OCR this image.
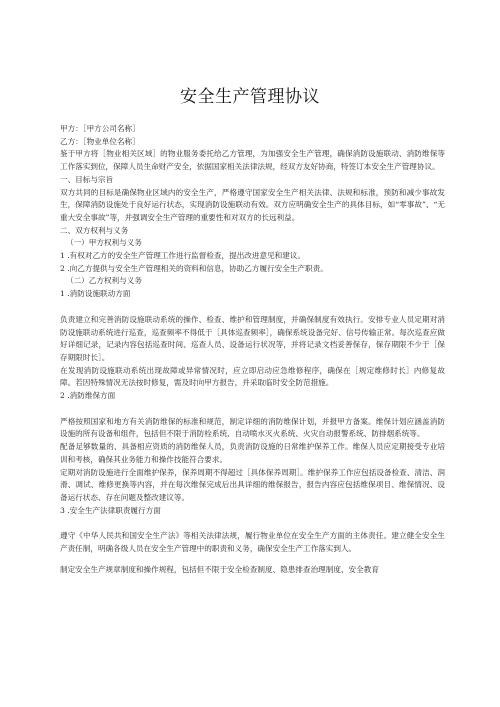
安全生产管理协议

甲方：［甲方公司名称］

乙方：［物业单位名称］

鉴于甲方将［物业相关区域］的物业服务委托给乙方管理，为加强安全生产管理，确保消防设施联动、消防维保等工作落实到位，保障人员生命财产安全，依据国家相关法律法规，经双方友好协商，特签订本安全生产管理协议。

一、目标与宗旨

双方共同的目标是确保物业区域内的安全生产，严格遵守国家安全生产相关法律、法规和标准，预防和减少事故发生，保障消防设施处于良好运行状态，实现消防设施联动有效。双方应明确安全生产的具体目标，如“零事故”、“无重大安全事故”等，并强调安全生产管理的重要性和对双方的长远利益。

二、双方权利与义务

（一）甲方权利与义务

1 .有权对乙方的安全生产管理工作进行监督检查，提出改进意见和建议。

2 .向乙方提供与安全生产管理相关的资料和信息，协助乙方履行安全生产职责。

（二）乙方权利与义务

1 .消防设施联动方面

负责建立和完善消防设施联动系统的操作、检查、维护和管理制度，并确保制度有效执行。安排专业人员定期对消防设施联动系统进行巡查，巡查频率不得低于［具体巡查频率］，确保系统设备完好、信号传输正常。每次巡查应做好详细记录，记录内容包括巡查时间、巡查人员、设备运行状况等，并将记录文档妥善保存，保存期限不少于［保存期限时长］。

在发现消防设施联动系统出现故障或异常情况时，应立即启动应急维修程序，确保在［规定维修时长］内修复故障。若因特殊情况无法按时修复，需及时向甲方报告，并采取临时安全防范措施。

2 .消防维保方面

严格按照国家和地方有关消防维保的标准和规范，制定详细的消防维保计划，并报甲方备案。维保计划应涵盖消防设施的所有设备和组件，包括但不限于消防栓系统、自动喷水灭火系统、火灾自动报警系统、防排烟系统等。

配备足够数量的、具备相应资质的消防维保人员，负责消防设施的日常维护保养工作。维保人员应定期接受专业培训和考核，确保其业务能力和操作技能符合要求。

定期对消防设施进行全面维护保养，保养周期不得超过［具体保养周期］。维护保养工作应包括设备检查、清洁、润滑、调试、维修更换等内容，并在每次维保完成后出具详细的维保报告，报告内容应包括维保项目、维保情况、设备运行状态、存在问题及整改建议等。

3 .安全生产法律职责履行方面

遵守《中华人民共和国安全生产法》等相关法律法规，履行物业单位在安全生产方面的主体责任。建立健全安全生产责任制，明确各级人员在安全生产管理中的职责和义务，确保安全生产工作落实到人。

制定安全生产规章制度和操作规程，包括但不限于安全检查制度、隐患排查治理制度、安全教育
